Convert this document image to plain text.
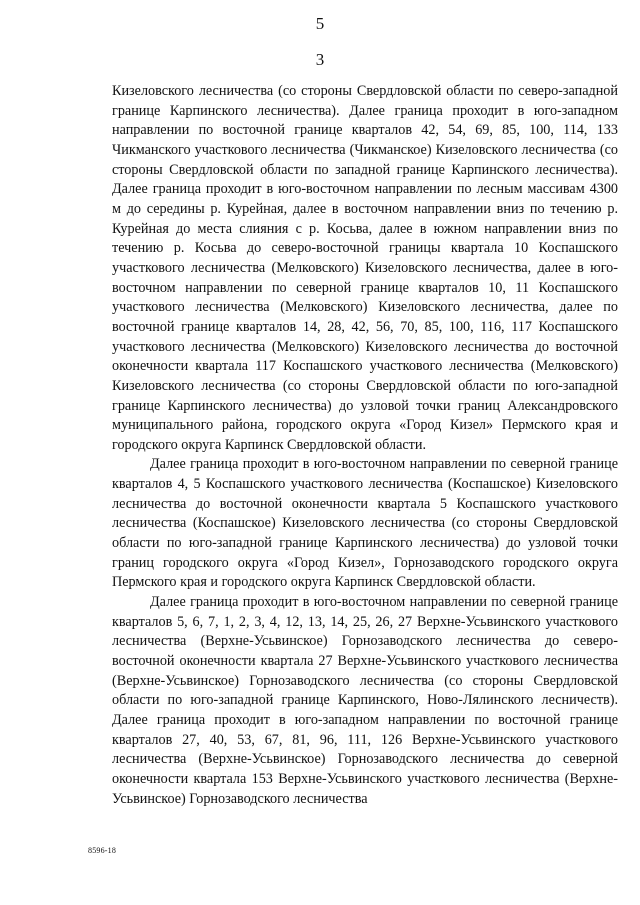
5
3

Кизеловского лесничества (со стороны Свердловской области по северо-западной границе Карпинского лесничества). Далее граница проходит в юго-западном направлении по восточной границе кварталов 42, 54, 69, 85, 100, 114, 133 Чикманского участкового лесничества (Чикманское) Кизеловского лесничества (со стороны Свердловской области по западной границе Карпинского лесничества). Далее граница проходит в юго-восточном направлении по лесным массивам 4300 м до середины р. Курейная, далее в восточном направлении вниз по течению р. Курейная до места слияния с р. Косьва, далее в южном направлении вниз по течению р. Косьва до северо-восточной границы квартала 10 Коспашского участкового лесничества (Мелковского) Кизеловского лесничества, далее в юго-восточном направлении по северной границе кварталов 10, 11 Коспашского участкового лесничества (Мелковского) Кизеловского лесничества, далее по восточной границе кварталов 14, 28, 42, 56, 70, 85, 100, 116, 117 Коспашского участкового лесничества (Мелковского) Кизеловского лесничества до восточной оконечности квартала 117 Коспашского участкового лесничества (Мелковского) Кизеловского лесничества (со стороны Свердловской области по юго-западной границе Карпинского лесничества) до узловой точки границ Александровского муниципального района, городского округа «Город Кизел» Пермского края и городского округа Карпинск Свердловской области.

Далее граница проходит в юго-восточном направлении по северной границе кварталов 4, 5 Коспашского участкового лесничества (Коспашское) Кизеловского лесничества до восточной оконечности квартала 5 Коспашского участкового лесничества (Коспашское) Кизеловского лесничества (со стороны Свердловской области по юго-западной границе Карпинского лесничества) до узловой точки границ городского округа «Город Кизел», Горнозаводского городского округа Пермского края и городского округа Карпинск Свердловской области.

Далее граница проходит в юго-восточном направлении по северной границе кварталов 5, 6, 7, 1, 2, 3, 4, 12, 13, 14, 25, 26, 27 Верхне-Усьвинского участкового лесничества (Верхне-Усьвинское) Горнозаводского лесничества до северо-восточной оконечности квартала 27 Верхне-Усьвинского участкового лесничества (Верхне-Усьвинское) Горнозаводского лесничества (со стороны Свердловской области по юго-западной границе Карпинского, Ново-Лялинского лесничеств). Далее граница проходит в юго-западном направлении по восточной границе кварталов 27, 40, 53, 67, 81, 96, 111, 126 Верхне-Усьвинского участкового лесничества (Верхне-Усьвинское) Горнозаводского лесничества до северной оконечности квартала 153 Верхне-Усьвинского участкового лесничества (Верхне-Усьвинское) Горнозаводского лесничества

8596-18
